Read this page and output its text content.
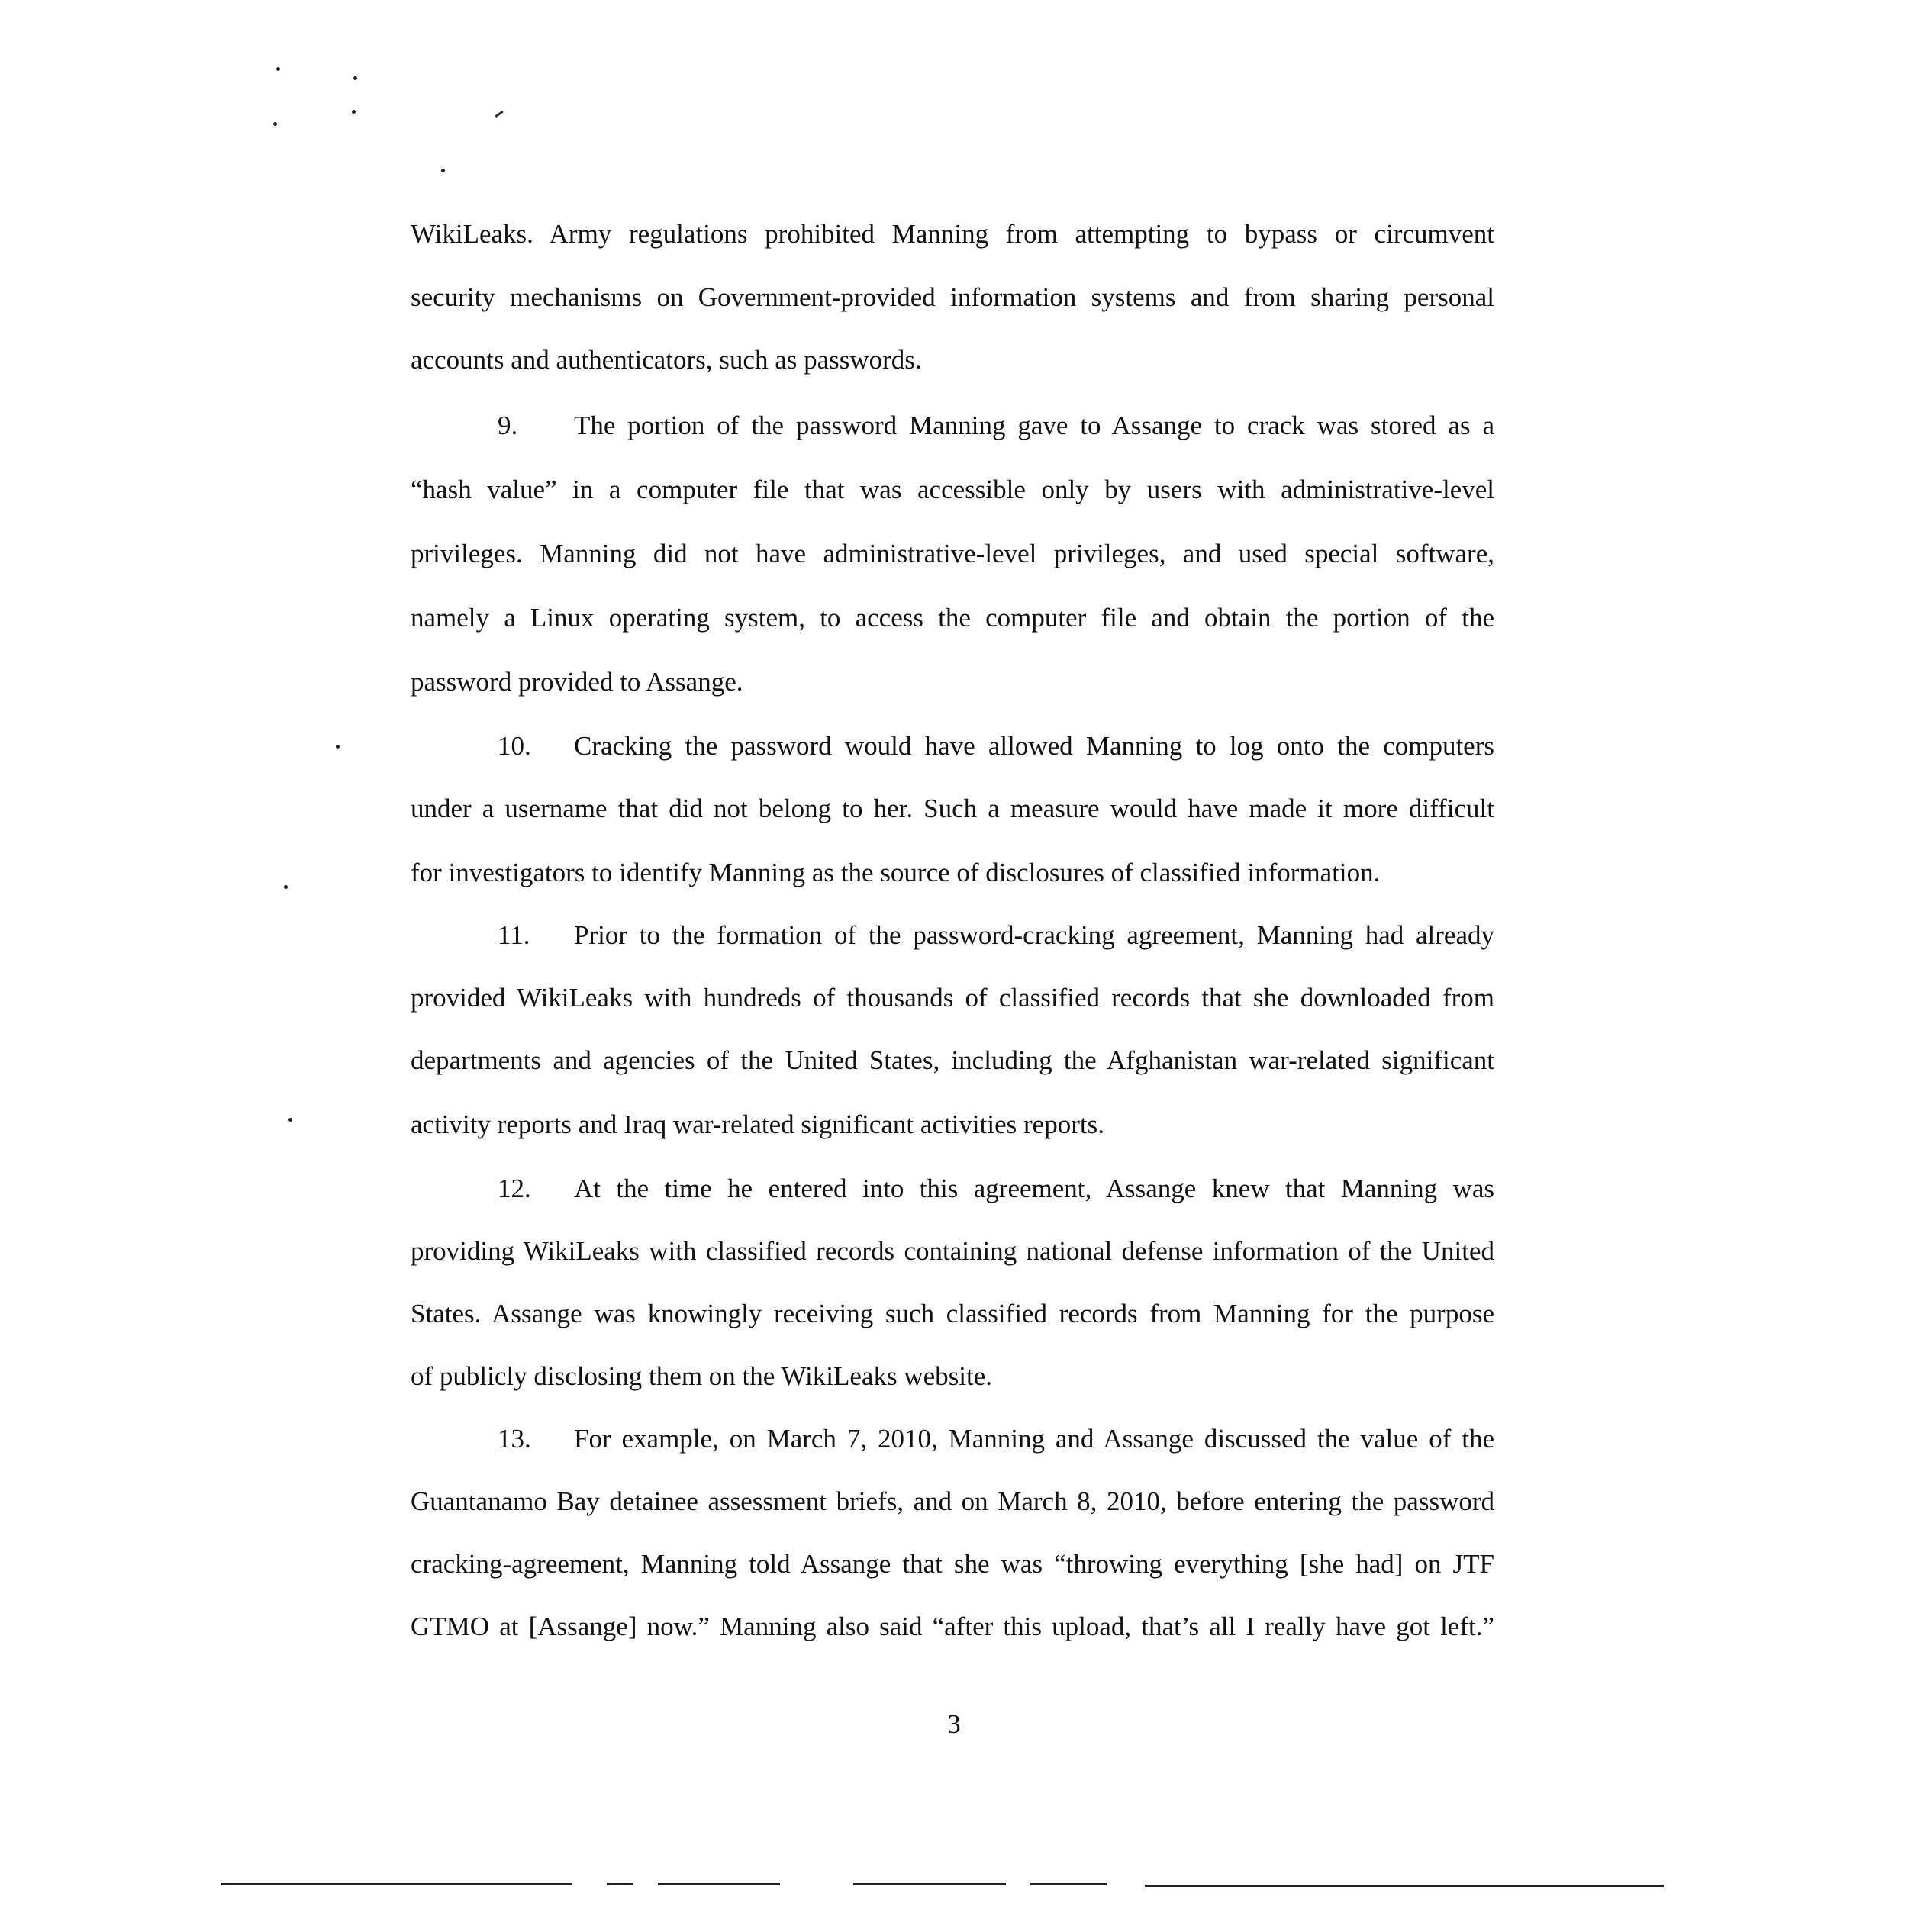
WikiLeaks. Army regulations prohibited Manning from attempting to bypass or circumvent
security mechanisms on Government-provided information systems and from sharing personal
accounts and authenticators, such as passwords.
9. The portion of the password Manning gave to Assange to crack was stored as a
“hash value” in a computer file that was accessible only by users with administrative-level
privileges. Manning did not have administrative-level privileges, and used special software,
namely a Linux operating system, to access the computer file and obtain the portion of the
password provided to Assange.
10. Cracking the password would have allowed Manning to log onto the computers
under a username that did not belong to her. Such a measure would have made it more difficult
for investigators to identify Manning as the source of disclosures of classified information.
11. Prior to the formation of the password-cracking agreement, Manning had already
provided WikiLeaks with hundreds of thousands of classified records that she downloaded from
departments and agencies of the United States, including the Afghanistan war-related significant
activity reports and Iraq war-related significant activities reports.
12. At the time he entered into this agreement, Assange knew that Manning was
providing WikiLeaks with classified records containing national defense information of the United
States. Assange was knowingly receiving such classified records from Manning for the purpose
of publicly disclosing them on the WikiLeaks website.
13. For example, on March 7, 2010, Manning and Assange discussed the value of the
Guantanamo Bay detainee assessment briefs, and on March 8, 2010, before entering the password
cracking-agreement, Manning told Assange that she was “throwing everything [she had] on JTF
GTMO at [Assange] now.” Manning also said “after this upload, that’s all I really have got left.”
3
